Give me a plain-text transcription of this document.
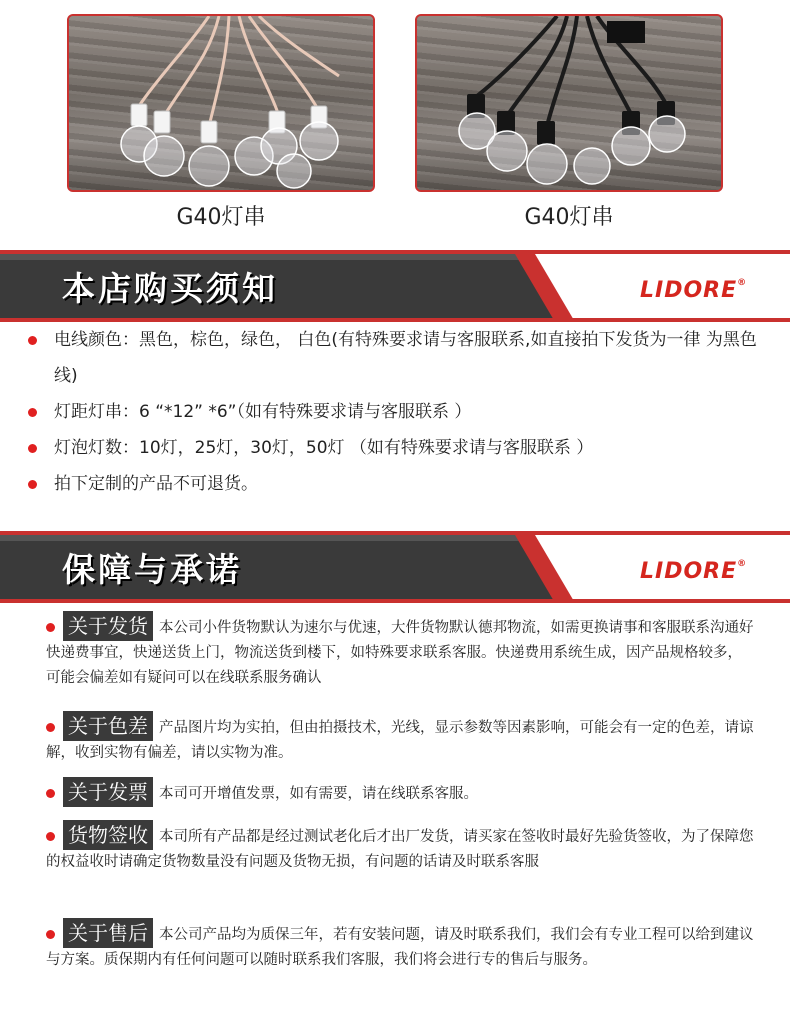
G40灯串	G40灯串
本店购买须知	LIDORE®
电线颜色：黑色，棕色，绿色， 白色(有特殊要求请与客服联系,如直接拍下发货为一律 为黑色线)
灯距灯串：6 “*12” *6”（如有特殊要求请与客服联系 ）
灯泡灯数：10灯，25灯，30灯，50灯 （如有特殊要求请与客服联系 ）
拍下定制的产品不可退货。
保障与承诺	LIDORE®
关于发货 本公司小件货物默认为速尔与优速，大件货物默认德邦物流，如需更换请事和客服联系沟通好快递费事宜，快递送货上门，物流送货到楼下，如特殊要求联系客服。快递费用系统生成，因产品规格较多，可能会偏差如有疑问可以在线联系服务确认
关于色差 产品图片均为实拍，但由拍摄技术，光线，显示参数等因素影响，可能会有一定的色差，请谅解，收到实物有偏差，请以实物为准。
关于发票 本司可开增值发票，如有需要，请在线联系客服。
货物签收 本司所有产品都是经过测试老化后才出厂发货，请买家在签收时最好先验货签收，为了保障您的权益收时请确定货物数量没有问题及货物无损，有问题的话请及时联系客服
关于售后 本公司产品均为质保三年，若有安装问题，请及时联系我们，我们会有专业工程可以给到建议与方案。质保期内有任何问题可以随时联系我们客服，我们将会进行专的售后与服务。
